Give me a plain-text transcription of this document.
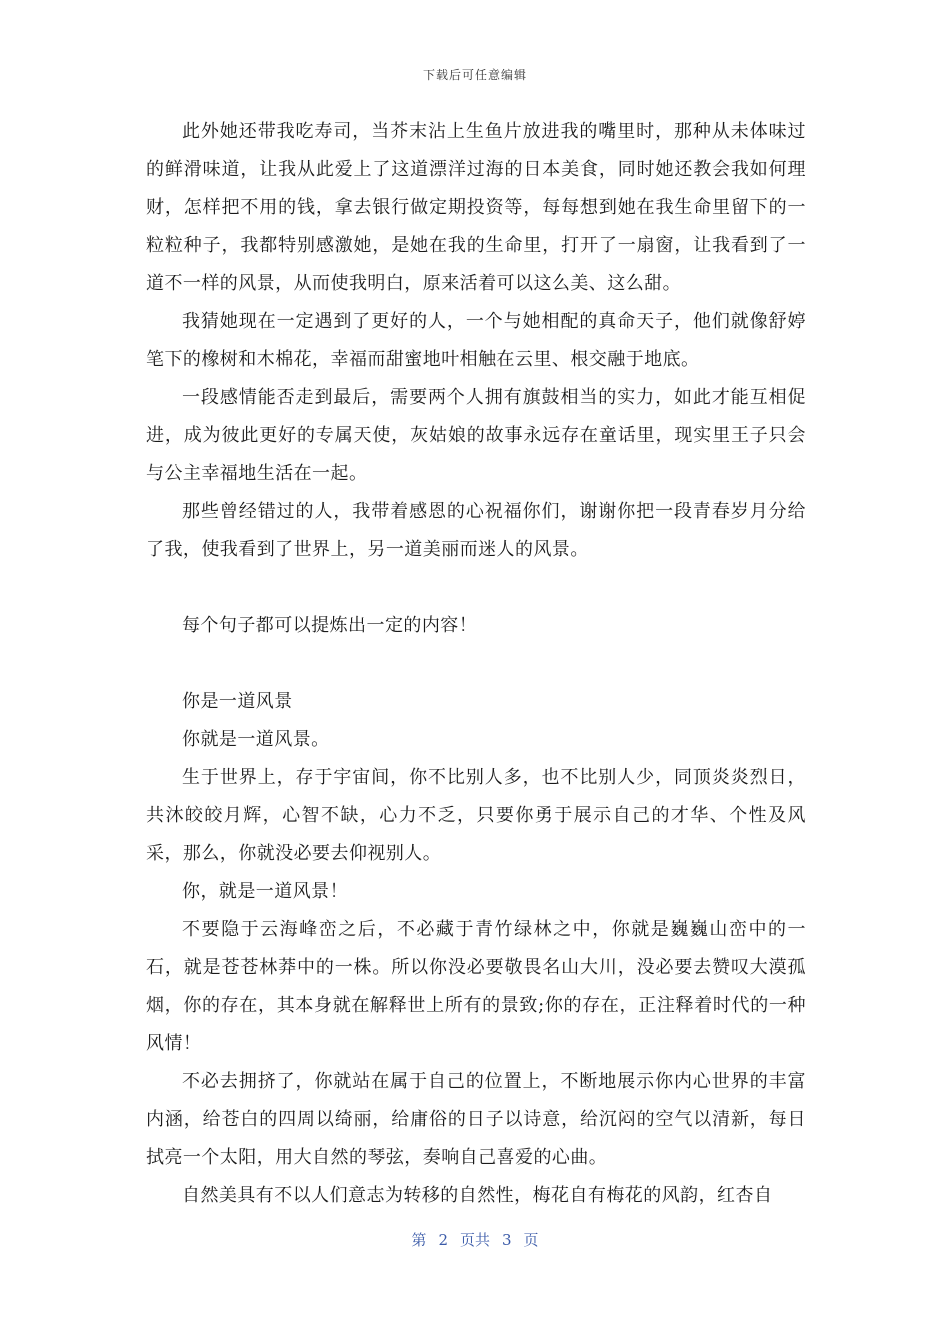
下载后可任意编辑

此外她还带我吃寿司，当芥末沾上生鱼片放进我的嘴里时，那种从未体味过的鲜滑味道，让我从此爱上了这道漂洋过海的日本美食，同时她还教会我如何理财，怎样把不用的钱，拿去银行做定期投资等，每每想到她在我生命里留下的一粒粒种子，我都特别感激她，是她在我的生命里，打开了一扇窗，让我看到了一道不一样的风景，从而使我明白，原来活着可以这么美、这么甜。

我猜她现在一定遇到了更好的人，一个与她相配的真命天子，他们就像舒婷笔下的橡树和木棉花，幸福而甜蜜地叶相触在云里、根交融于地底。

一段感情能否走到最后，需要两个人拥有旗鼓相当的实力，如此才能互相促进，成为彼此更好的专属天使，灰姑娘的故事永远存在童话里，现实里王子只会与公主幸福地生活在一起。

那些曾经错过的人，我带着感恩的心祝福你们，谢谢你把一段青春岁月分给了我，使我看到了世界上，另一道美丽而迷人的风景。

每个句子都可以提炼出一定的内容！

你是一道风景

你就是一道风景。

生于世界上，存于宇宙间，你不比别人多，也不比别人少，同顶炎炎烈日，共沐皎皎月辉，心智不缺，心力不乏，只要你勇于展示自己的才华、个性及风采，那么，你就没必要去仰视别人。

你，就是一道风景！

不要隐于云海峰峦之后，不必藏于青竹绿林之中，你就是巍巍山峦中的一石，就是苍苍林莽中的一株。所以你没必要敬畏名山大川，没必要去赞叹大漠孤烟，你的存在，其本身就在解释世上所有的景致;你的存在，正注释着时代的一种风情！

不必去拥挤了，你就站在属于自己的位置上，不断地展示你内心世界的丰富内涵，给苍白的四周以绮丽，给庸俗的日子以诗意，给沉闷的空气以清新，每日拭亮一个太阳，用大自然的琴弦，奏响自己喜爱的心曲。

自然美具有不以人们意志为转移的自然性，梅花自有梅花的风韵，红杏自

第 2 页共 3 页
